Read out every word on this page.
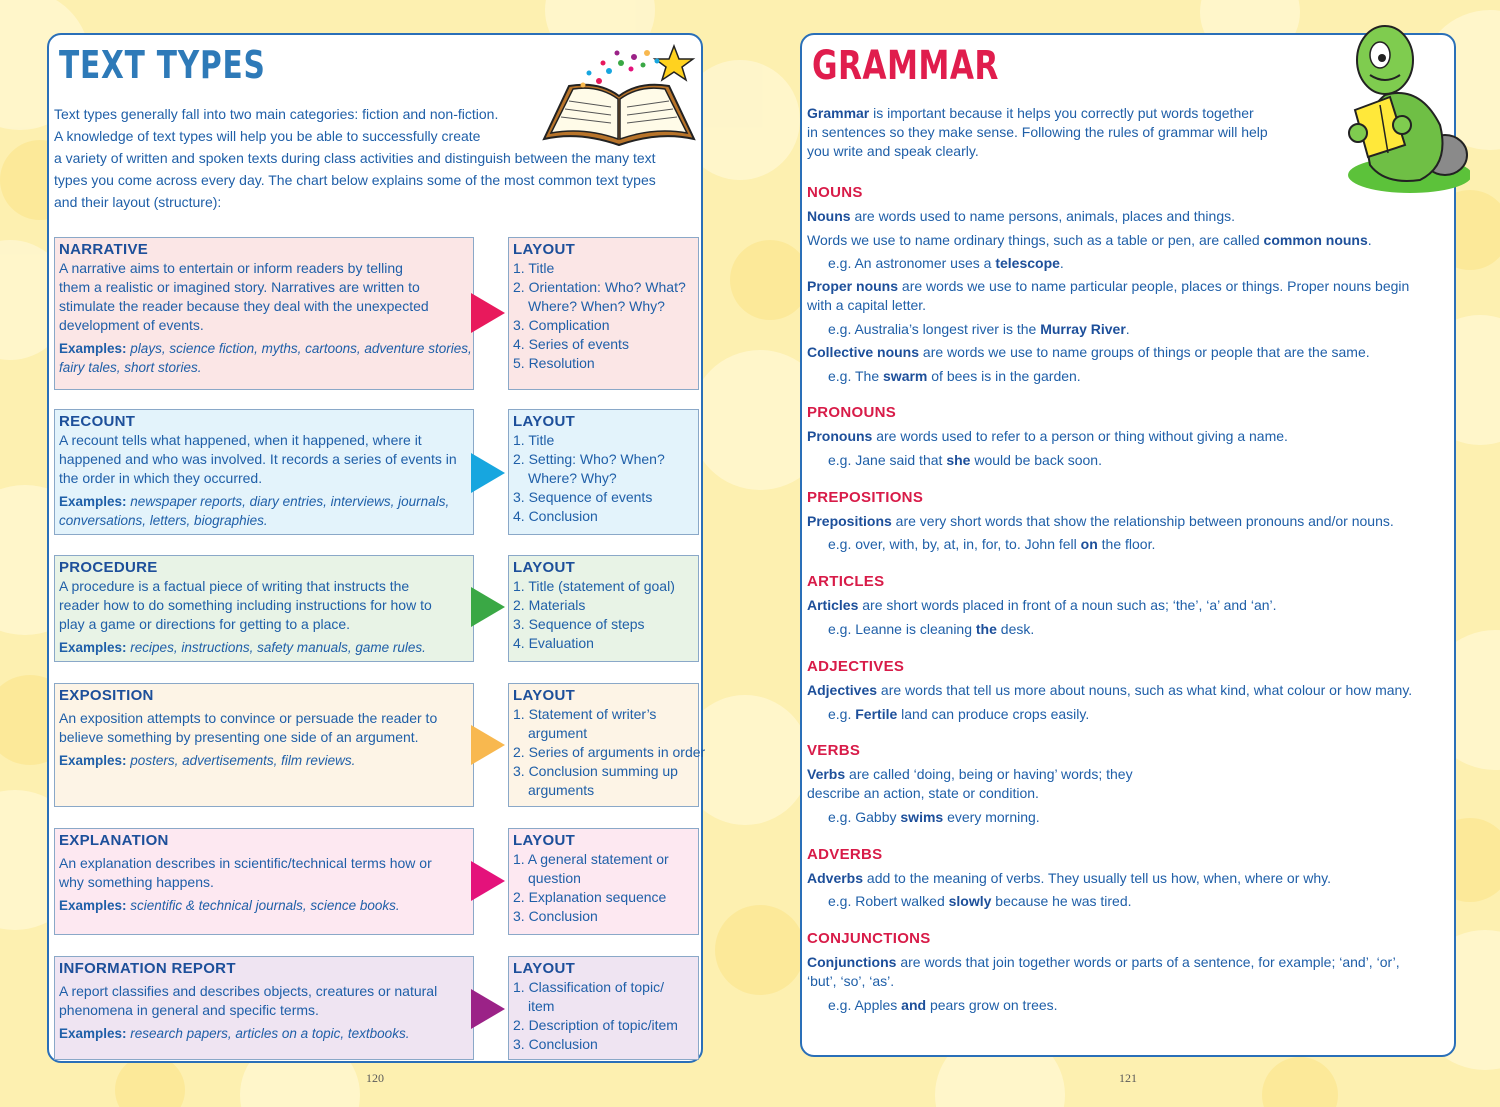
TEXT TYPES
Text types generally fall into two main categories: fiction and non-fiction.
A knowledge of text types will help you be able to successfully create
a variety of written and spoken texts during class activities and distinguish between the many text
types you come across every day. The chart below explains some of the most common text types
and their layout (structure):
NARRATIVE
A narrative aims to entertain or inform readers by telling
them a realistic or imagined story. Narratives are written to
stimulate the reader because they deal with the unexpected
development of events.
Examples: plays, science fiction, myths, cartoons, adventure stories,
fairy tales, short stories.
LAYOUT
1. Title
2. Orientation: Who? What?
Where? When? Why?
3. Complication
4. Series of events
5. Resolution
RECOUNT
A recount tells what happened, when it happened, where it
happened and who was involved. It records a series of events in
the order in which they occurred.
Examples: newspaper reports, diary entries, interviews, journals,
conversations, letters, biographies.
LAYOUT
1. Title
2. Setting: Who? When?
Where? Why?
3. Sequence of events
4. Conclusion
PROCEDURE
A procedure is a factual piece of writing that instructs the
reader how to do something including instructions for how to
play a game or directions for getting to a place.
Examples: recipes, instructions, safety manuals, game rules.
LAYOUT
1. Title (statement of goal)
2. Materials
3. Sequence of steps
4. Evaluation
EXPOSITION
An exposition attempts to convince or persuade the reader to
believe something by presenting one side of an argument.
Examples: posters, advertisements, film reviews.
LAYOUT
1. Statement of writer’s
argument
2. Series of arguments in order
3. Conclusion summing up
arguments
EXPLANATION
An explanation describes in scientific/technical terms how or
why something happens.
Examples: scientific & technical journals, science books.
LAYOUT
1. A general statement or
question
2. Explanation sequence
3. Conclusion
INFORMATION REPORT
A report classifies and describes objects, creatures or natural
phenomena in general and specific terms.
Examples: research papers, articles on a topic, textbooks.
LAYOUT
1. Classification of topic/
item
2. Description of topic/item
3. Conclusion
120
GRAMMAR
Grammar is important because it helps you correctly put words together
in sentences so they make sense. Following the rules of grammar will help
you write and speak clearly.
NOUNS
Nouns are words used to name persons, animals, places and things.
Words we use to name ordinary things, such as a table or pen, are called common nouns.
e.g. An astronomer uses a telescope.
Proper nouns are words we use to name particular people, places or things. Proper nouns begin
with a capital letter.
e.g. Australia’s longest river is the Murray River.
Collective nouns are words we use to name groups of things or people that are the same.
e.g. The swarm of bees is in the garden.
PRONOUNS
Pronouns are words used to refer to a person or thing without giving a name.
e.g. Jane said that she would be back soon.
PREPOSITIONS
Prepositions are very short words that show the relationship between pronouns and/or nouns.
e.g. over, with, by, at, in, for, to. John fell on the floor.
ARTICLES
Articles are short words placed in front of a noun such as; ‘the’, ‘a’ and ‘an’.
e.g. Leanne is cleaning the desk.
ADJECTIVES
Adjectives are words that tell us more about nouns, such as what kind, what colour or how many.
e.g. Fertile land can produce crops easily.
VERBS
Verbs are called ‘doing, being or having’ words; they
describe an action, state or condition.
e.g. Gabby swims every morning.
ADVERBS
Adverbs add to the meaning of verbs. They usually tell us how, when, where or why.
e.g. Robert walked slowly because he was tired.
CONJUNCTIONS
Conjunctions are words that join together words or parts of a sentence, for example; ‘and’, ‘or’,
‘but’, ‘so’, ‘as’.
e.g. Apples and pears grow on trees.
121
